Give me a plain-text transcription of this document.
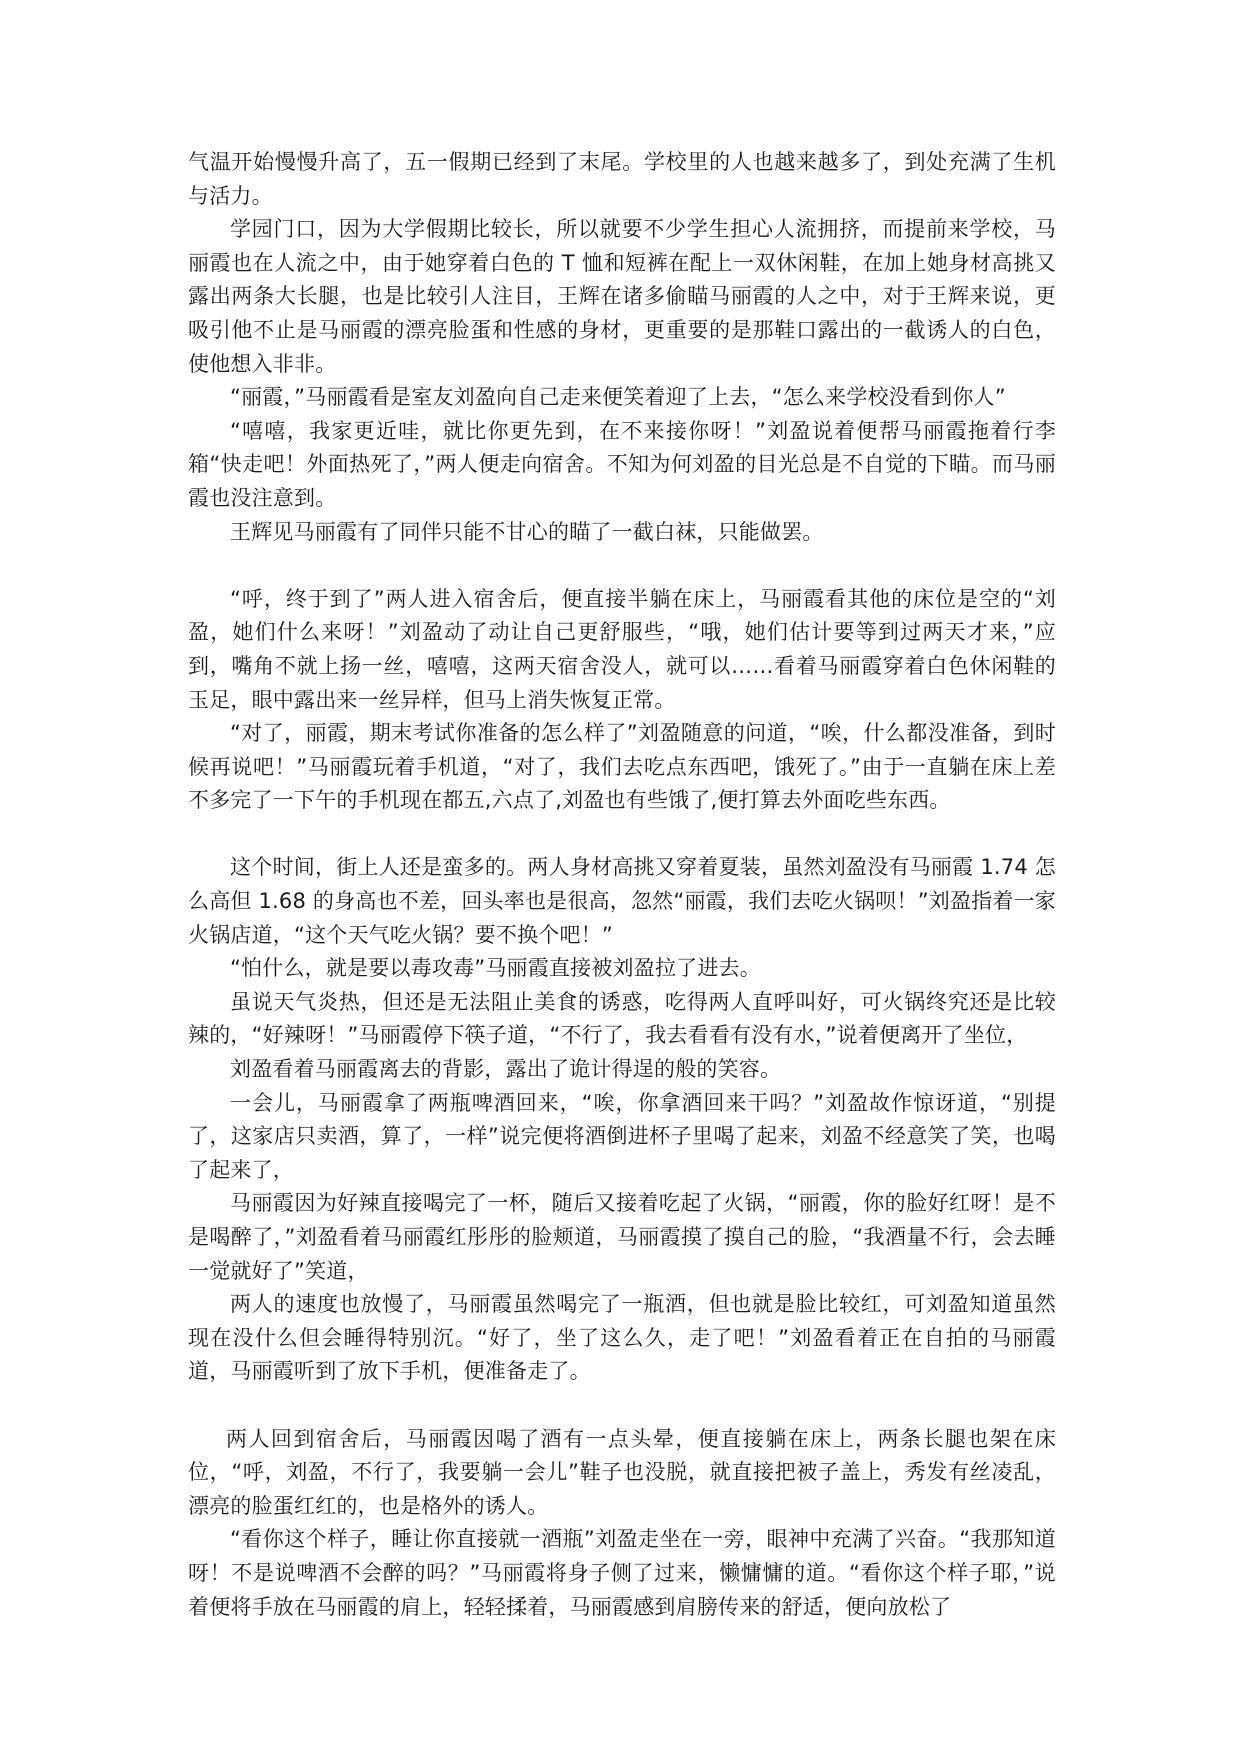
气温开始慢慢升高了，五一假期已经到了末尾。学校里的人也越来越多了，到处充满了生机与活力。

学园门口，因为大学假期比较长，所以就要不少学生担心人流拥挤，而提前来学校，马丽霞也在人流之中，由于她穿着白色的 T 恤和短裤在配上一双休闲鞋，在加上她身材高挑又露出两条大长腿，也是比较引人注目，王辉在诸多偷瞄马丽霞的人之中，对于王辉来说，更吸引他不止是马丽霞的漂亮脸蛋和性感的身材，更重要的是那鞋口露出的一截诱人的白色，使他想入非非。

“丽霞，”马丽霞看是室友刘盈向自己走来便笑着迎了上去，“怎么来学校没看到你人”

“嘻嘻，我家更近哇，就比你更先到，在不来接你呀！”刘盈说着便帮马丽霞拖着行李箱“快走吧！外面热死了，”两人便走向宿舍。不知为何刘盈的目光总是不自觉的下瞄。而马丽霞也没注意到。

王辉见马丽霞有了同伴只能不甘心的瞄了一截白袜，只能做罢。

“呼，终于到了”两人进入宿舍后，便直接半躺在床上，马丽霞看其他的床位是空的“刘盈，她们什么来呀！”刘盈动了动让自己更舒服些，“哦，她们估计要等到过两天才来，”应到，嘴角不就上扬一丝，嘻嘻，这两天宿舍没人，就可以……看着马丽霞穿着白色休闲鞋的玉足，眼中露出来一丝异样，但马上消失恢复正常。

“对了，丽霞，期末考试你准备的怎么样了”刘盈随意的问道，“唉，什么都没准备，到时候再说吧！”马丽霞玩着手机道，“对了，我们去吃点东西吧，饿死了。”由于一直躺在床上差不多完了一下午的手机现在都五,六点了,刘盈也有些饿了,便打算去外面吃些东西。

这个时间，街上人还是蛮多的。两人身材高挑又穿着夏装，虽然刘盈没有马丽霞 1.74 怎么高但 1.68 的身高也不差，回头率也是很高，忽然“丽霞，我们去吃火锅呗！”刘盈指着一家火锅店道，“这个天气吃火锅？要不换个吧！”

“怕什么，就是要以毒攻毒”马丽霞直接被刘盈拉了进去。

虽说天气炎热，但还是无法阻止美食的诱惑，吃得两人直呼叫好，可火锅终究还是比较辣的，“好辣呀！”马丽霞停下筷子道，“不行了，我去看看有没有水，”说着便离开了坐位，

刘盈看着马丽霞离去的背影，露出了诡计得逞的般的笑容。

一会儿，马丽霞拿了两瓶啤酒回来，“唉，你拿酒回来干吗？”刘盈故作惊讶道，“别提了，这家店只卖酒，算了，一样”说完便将酒倒进杯子里喝了起来，刘盈不经意笑了笑，也喝了起来了，

马丽霞因为好辣直接喝完了一杯，随后又接着吃起了火锅，“丽霞，你的脸好红呀！是不是喝醉了，”刘盈看着马丽霞红彤彤的脸颊道，马丽霞摸了摸自己的脸，“我酒量不行，会去睡一觉就好了”笑道，

两人的速度也放慢了，马丽霞虽然喝完了一瓶酒，但也就是脸比较红，可刘盈知道虽然现在没什么但会睡得特别沉。“好了，坐了这么久，走了吧！”刘盈看着正在自拍的马丽霞道，马丽霞听到了放下手机，便准备走了。

两人回到宿舍后，马丽霞因喝了酒有一点头晕，便直接躺在床上，两条长腿也架在床位，“呼，刘盈，不行了，我要躺一会儿”鞋子也没脱，就直接把被子盖上，秀发有丝凌乱，漂亮的脸蛋红红的，也是格外的诱人。

“看你这个样子，睡让你直接就一酒瓶”刘盈走坐在一旁，眼神中充满了兴奋。“我那知道呀！不是说啤酒不会醉的吗？”马丽霞将身子侧了过来，懒慵慵的道。“看你这个样子耶，”说着便将手放在马丽霞的肩上，轻轻揉着，马丽霞感到肩膀传来的舒适，便向放松了
